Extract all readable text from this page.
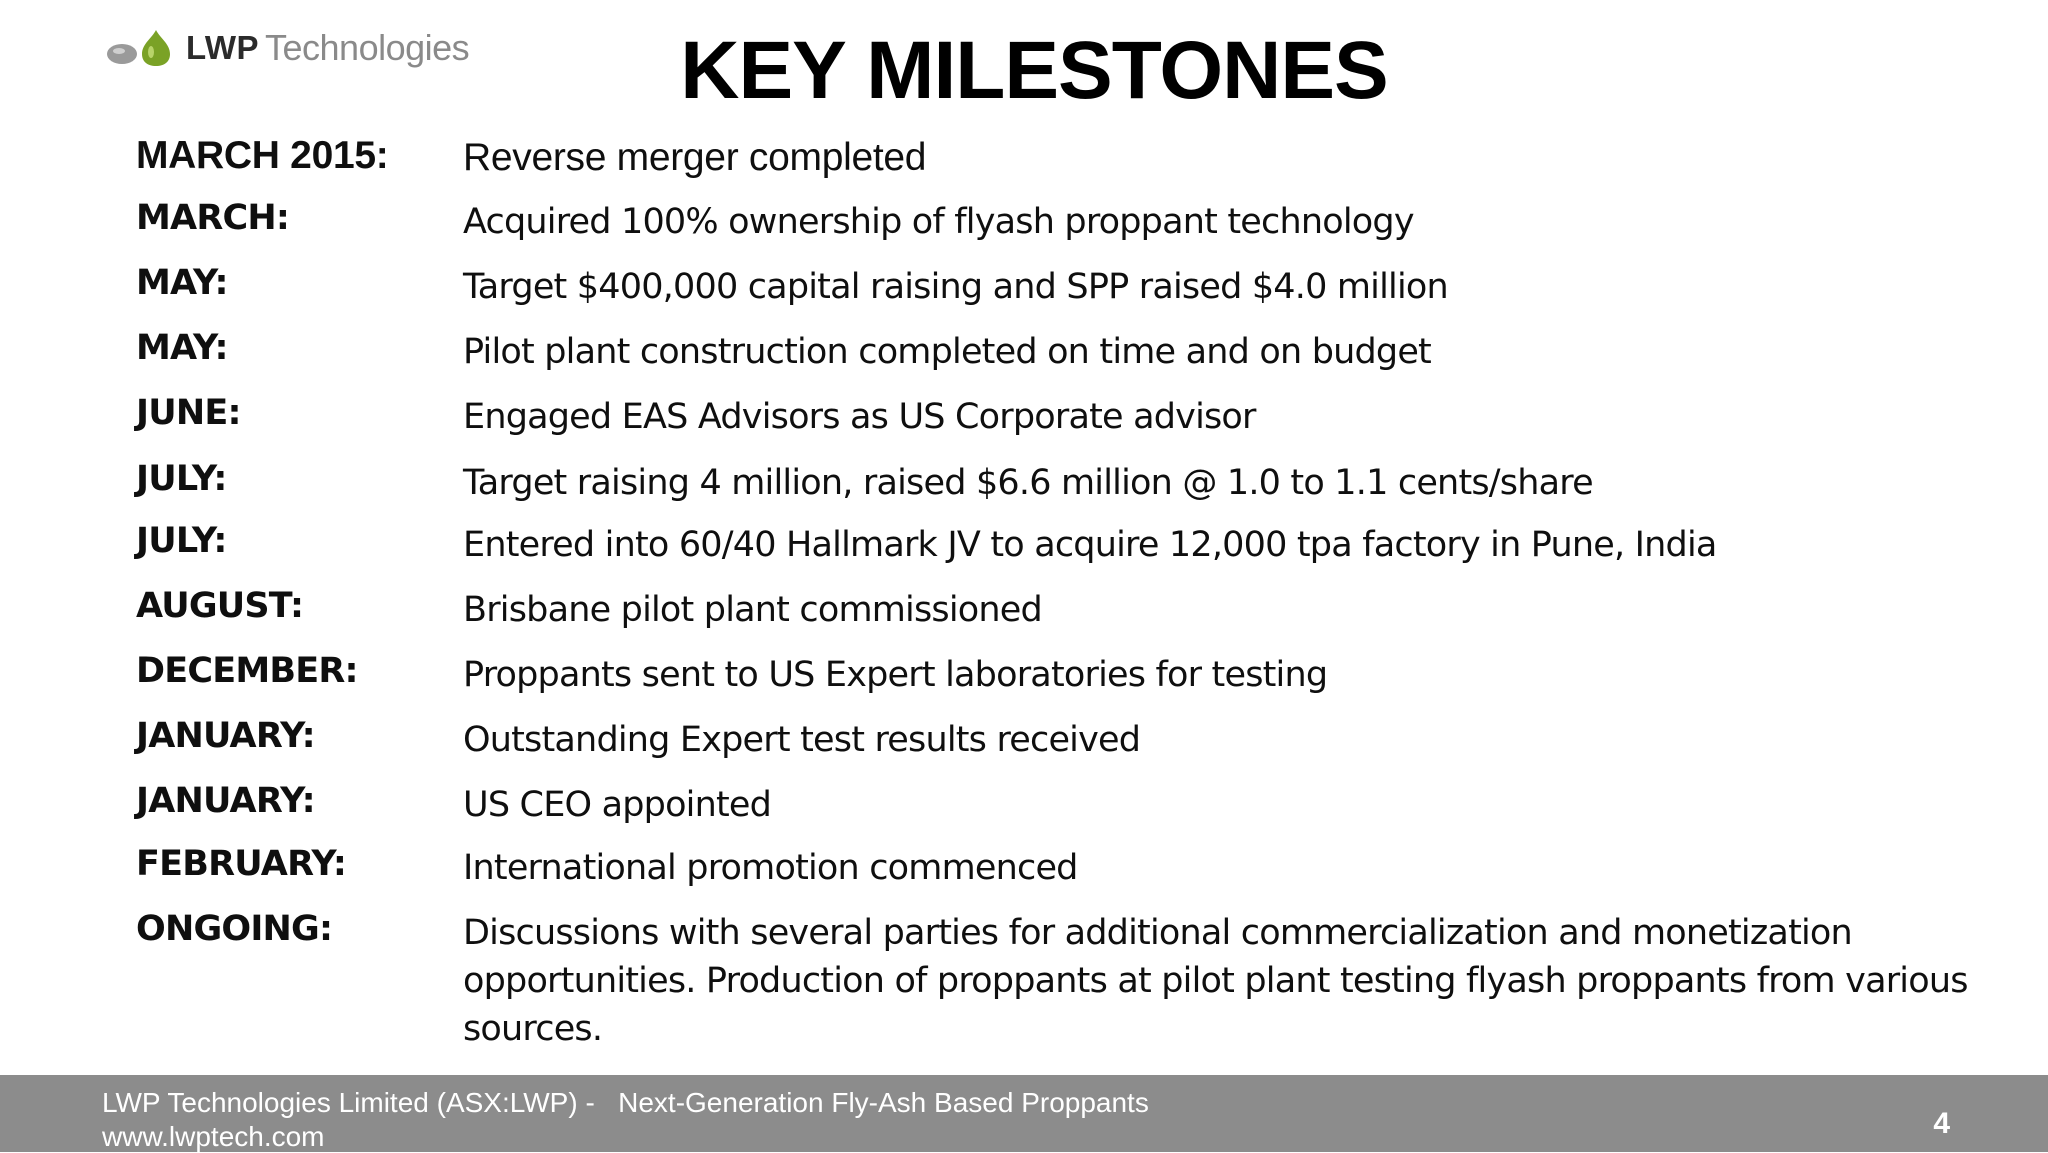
LWP Technologies	KEY MILESTONES
MARCH 2015: Reverse merger completed
MARCH:	Acquired 100% ownership of flyash proppant technology
MAY:	Target $400,000 capital raising and SPP raised $4.0 million
MAY:	Pilot plant construction completed on time and on budget
JUNE:	Engaged EAS Advisors as US Corporate advisor
JULY:	Target raising 4 million, raised $6.6 million @ 1.0 to 1.1 cents/share
JULY:	Entered into 60/40 Hallmark JV to acquire 12,000 tpa factory in Pune, India
AUGUST:	Brisbane pilot plant commissioned
DECEMBER:	Proppants sent to US Expert laboratories for testing
JANUARY:	Outstanding Expert test results received
JANUARY:	US CEO appointed
FEBRUARY:	International promotion commenced
ONGOING:	Discussions with several parties for additional commercialization and monetization opportunities. Production of proppants at pilot plant testing flyash proppants from various sources.
LWP Technologies Limited (ASX:LWP) -   Next-Generation Fly-Ash Based Proppants
www.lwptech.com	4
